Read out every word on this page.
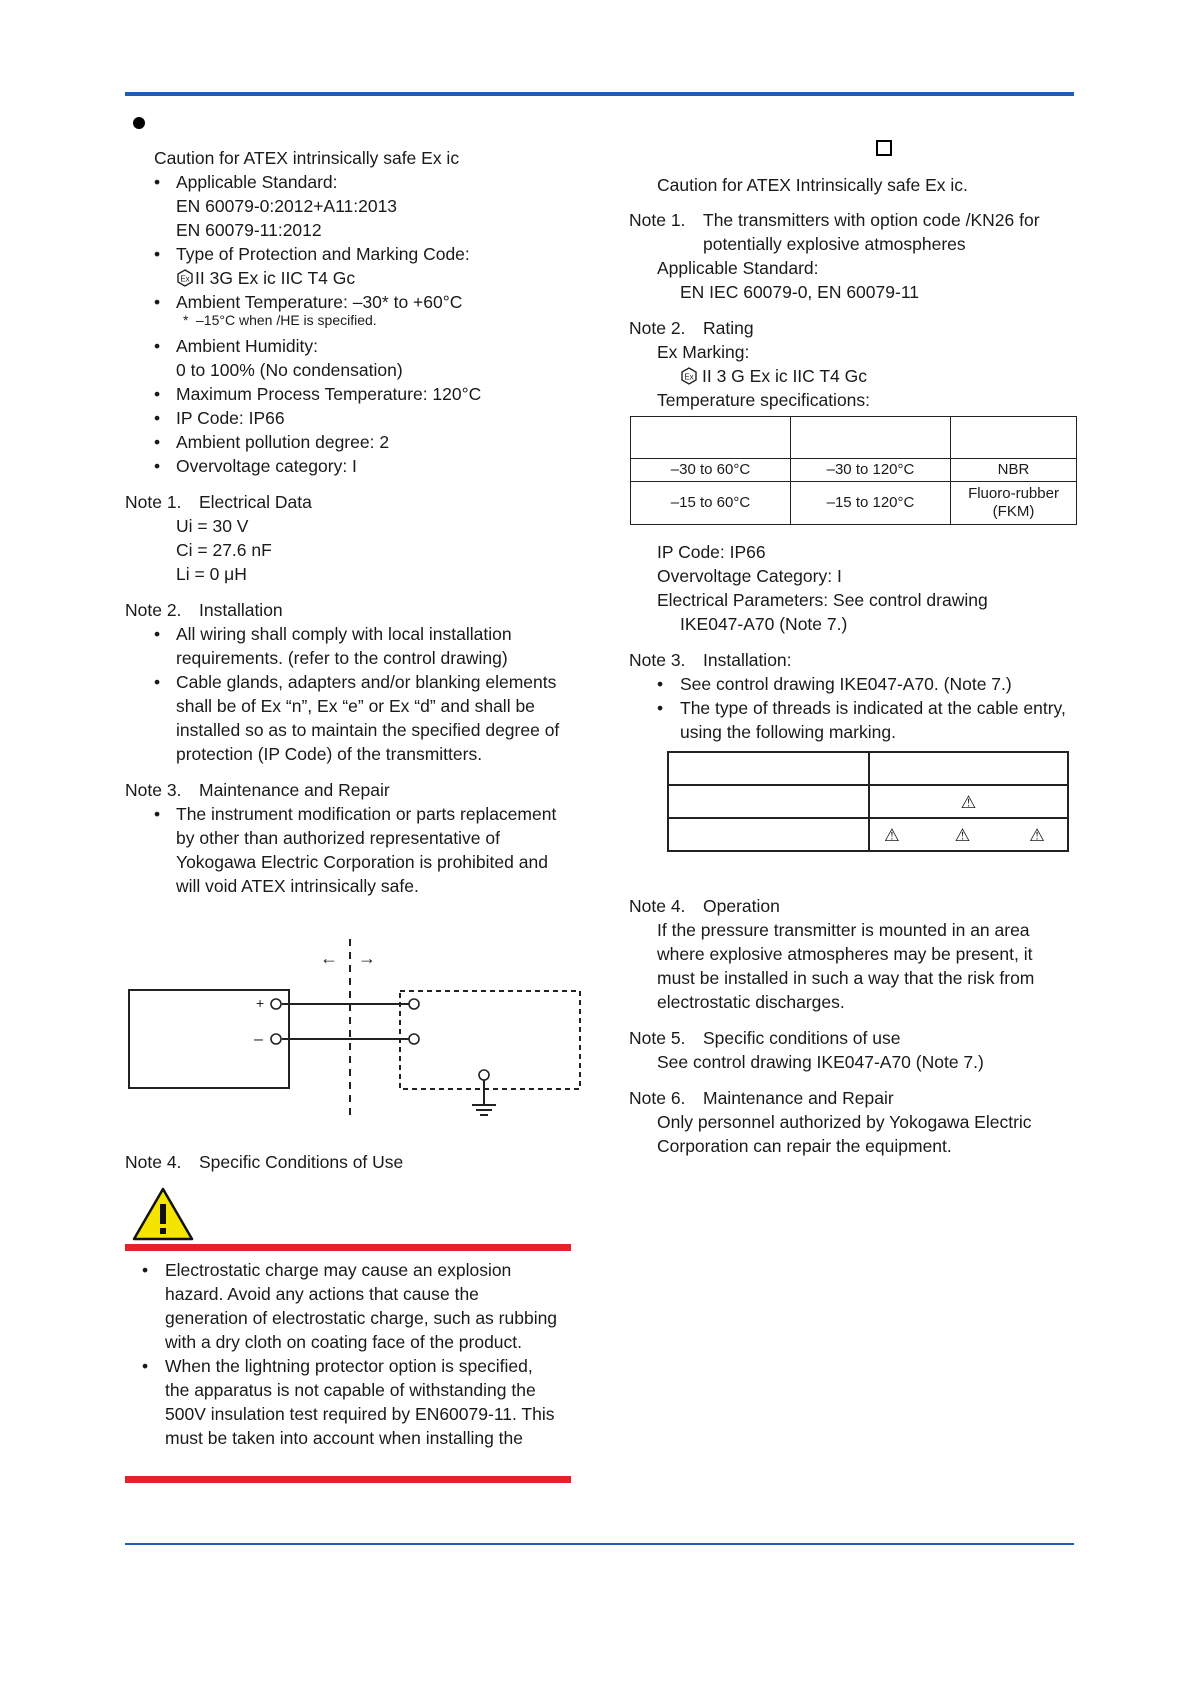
Caution for ATEX intrinsically safe Ex ic
• Applicable Standard:
EN 60079-0:2012+A11:2013
EN 60079-11:2012
• Type of Protection and Marking Code:
Ex II 3G Ex ic IIC T4 Gc
• Ambient Temperature: –30* to +60°C
* –15°C when /HE is specified.
• Ambient Humidity:
0 to 100% (No condensation)
• Maximum Process Temperature: 120°C
• IP Code: IP66
• Ambient pollution degree: 2
• Overvoltage category: I
Note 1. Electrical Data
Ui = 30 V
Ci = 27.6 nF
Li = 0 μH
Note 2. Installation
• All wiring shall comply with local installation
requirements. (refer to the control drawing)
• Cable glands, adapters and/or blanking elements
shall be of Ex “n”, Ex “e” or Ex “d” and shall be
installed so as to maintain the specified degree of
protection (IP Code) of the transmitters.
Note 3. Maintenance and Repair
• The instrument modification or parts replacement
by other than authorized representative of
Yokogawa Electric Corporation is prohibited and
will void ATEX intrinsically safe.
+
–
← →
Note 4. Specific Conditions of Use
• Electrostatic charge may cause an explosion
hazard. Avoid any actions that cause the
generation of electrostatic charge, such as rubbing
with a dry cloth on coating face of the product.
• When the lightning protector option is specified,
the apparatus is not capable of withstanding the
500V insulation test required by EN60079-11. This
must be taken into account when installing the
Caution for ATEX Intrinsically safe Ex ic.
Note 1. The transmitters with option code /KN26 for
potentially explosive atmospheres
Applicable Standard:
EN IEC 60079-0, EN 60079-11
Note 2. Rating
Ex Marking:
Ex II 3 G Ex ic IIC T4 Gc
Temperature specifications:

–30 to 60°C	–30 to 120°C	NBR
–15 to 60°C	–15 to 120°C	Fluoro-rubber (FKM)
IP Code: IP66
Overvoltage Category: I
Electrical Parameters: See control drawing
IKE047-A70 (Note 7.)
Note 3. Installation:
• See control drawing IKE047-A70. (Note 7.)
• The type of threads is indicated at the cable entry,
using the following marking.

	⚠
	⚠ ⚠ ⚠
Note 4. Operation
If the pressure transmitter is mounted in an area
where explosive atmospheres may be present, it
must be installed in such a way that the risk from
electrostatic discharges.
Note 5. Specific conditions of use
See control drawing IKE047-A70 (Note 7.)
Note 6. Maintenance and Repair
Only personnel authorized by Yokogawa Electric
Corporation can repair the equipment.
